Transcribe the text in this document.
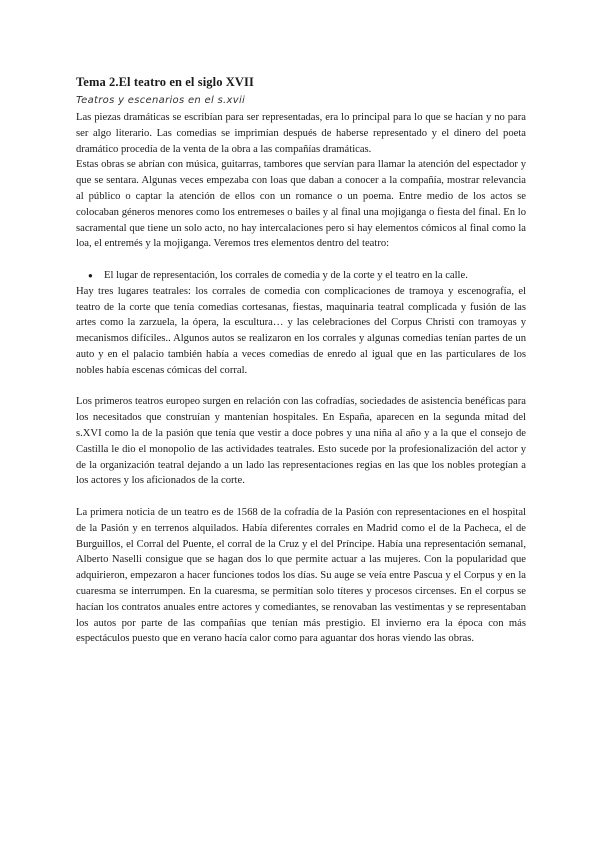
Tema 2.El teatro en el siglo XVII
Teatros y escenarios en el s.xvii

Las piezas dramáticas se escribían para ser representadas, era lo principal para lo que se hacían y no para ser algo literario. Las comedias se imprimían después de haberse representado y el dinero del poeta dramático procedía de la venta de la obra a las compañías dramáticas.

Estas obras se abrían con música, guitarras, tambores que servían para llamar la atención del espectador y que se sentara. Algunas veces empezaba con loas que daban a conocer a la compañía, mostrar relevancia al público o captar la atención de ellos con un romance o un poema. Entre medio de los actos se colocaban géneros menores como los entremeses o bailes y al final una mojiganga o fiesta del final. En lo sacramental que tiene un solo acto, no hay intercalaciones pero si hay elementos cómicos al final como la loa, el entremés y la mojiganga. Veremos tres elementos dentro del teatro:

●	El lugar de representación, los corrales de comedia y de la corte y el teatro en la calle.

Hay tres lugares teatrales: los corrales de comedia con complicaciones de tramoya y escenografía, el teatro de la corte que tenía comedias cortesanas, fiestas, maquinaria teatral complicada y fusión de las artes como la zarzuela, la ópera, la escultura… y las celebraciones del Corpus Christi con tramoyas y mecanismos difíciles.. Algunos autos se realizaron en los corrales y algunas comedias tenían partes de un auto y en el palacio también había a veces comedias de enredo al igual que en las particulares de los nobles había escenas cómicas del corral.

Los primeros teatros europeo surgen en relación con las cofradías, sociedades de asistencia benéficas para los necesitados que construían y mantenían hospitales. En España, aparecen en la segunda mitad del s.XVI como la de la pasión que tenía que vestir a doce pobres y una niña al año y a la que el consejo de Castilla le dio el monopolio de las actividades teatrales. Esto sucede por la profesionalización del actor y de la organización teatral dejando a un lado las representaciones regias en las que los nobles protegían a los actores y los aficionados de la corte.

La primera noticia de un teatro es de 1568 de la cofradía de la Pasión con representaciones en el hospital de la Pasión y en terrenos alquilados. Había diferentes corrales en Madrid como el de la Pacheca, el de Burguillos, el Corral del Puente, el corral de la Cruz y el del Príncipe. Había una representación semanal, Alberto Naselli consigue que se hagan dos lo que permite actuar a las mujeres. Con la popularidad que adquirieron, empezaron a hacer funciones todos los días. Su auge se veía entre Pascua y el Corpus y en la cuaresma se interrumpen. En la cuaresma, se permitían solo títeres y procesos circenses. En el corpus se hacían los contratos anuales entre actores y comediantes, se renovaban las vestimentas y se representaban los autos por parte de las compañías que tenían más prestigio. El invierno era la época con más espectáculos puesto que en verano hacía calor como para aguantar dos horas viendo las obras.
